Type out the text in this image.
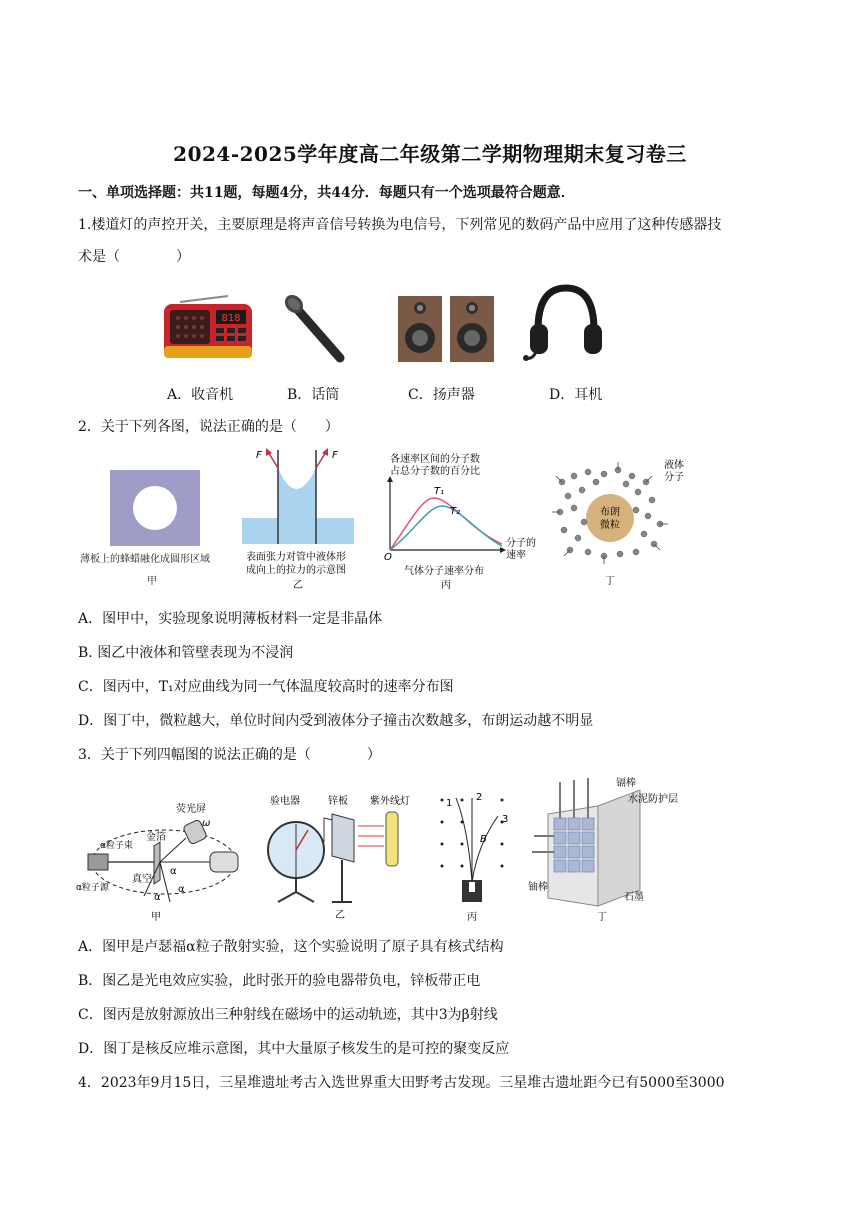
2024-2025学年度高二年级第二学期物理期末复习卷三
一、单项选择题：共11题，每题4分，共44分．每题只有一个选项最符合题意．
1.楼道灯的声控开关，主要原理是将声音信号转换为电信号，下列常见的数码产品中应用了这种传感器技
术是（　　　　）
818
A．收音机	B．话筒	C．扬声器	D．耳机
2．关于下列各图，说法正确的是（　　）
薄板上的蜂蜡融化成圆形区域
甲
F	F
表面张力对管中液体形
成向上的拉力的示意图
乙
各速率区间的分子数
占总分子数的百分比
T₁
T₂
O
分子的
速率
气体分子速率分布
丙
布朗
微粒
液体
分子
丁
A．图甲中，实验现象说明薄板材料一定是非晶体
B. 图乙中液体和管壁表现为不浸润
C．图丙中，T₁对应曲线为同一气体温度较高时的速率分布图
D．图丁中，微粒越大，单位时间内受到液体分子撞击次数越多，布朗运动越不明显
3．关于下列四幅图的说法正确的是（　　　　）
荧光屏
金箔
α粒子束
真空
α粒子源
ω
α
α
α
甲
验电器	锌板 紫外线灯
乙
2
1
3
B
丙
镉棒
水泥防护层
铀棒
石墨
丁
A．图甲是卢瑟福α粒子散射实验，这个实验说明了原子具有核式结构
B．图乙是光电效应实验，此时张开的验电器带负电，锌板带正电
C．图丙是放射源放出三种射线在磁场中的运动轨迹，其中3为β射线
D．图丁是核反应堆示意图，其中大量原子核发生的是可控的聚变反应
4．2023年9月15日，三星堆遗址考古入选世界重大田野考古发现。三星堆古遗址距今已有5000至3000
